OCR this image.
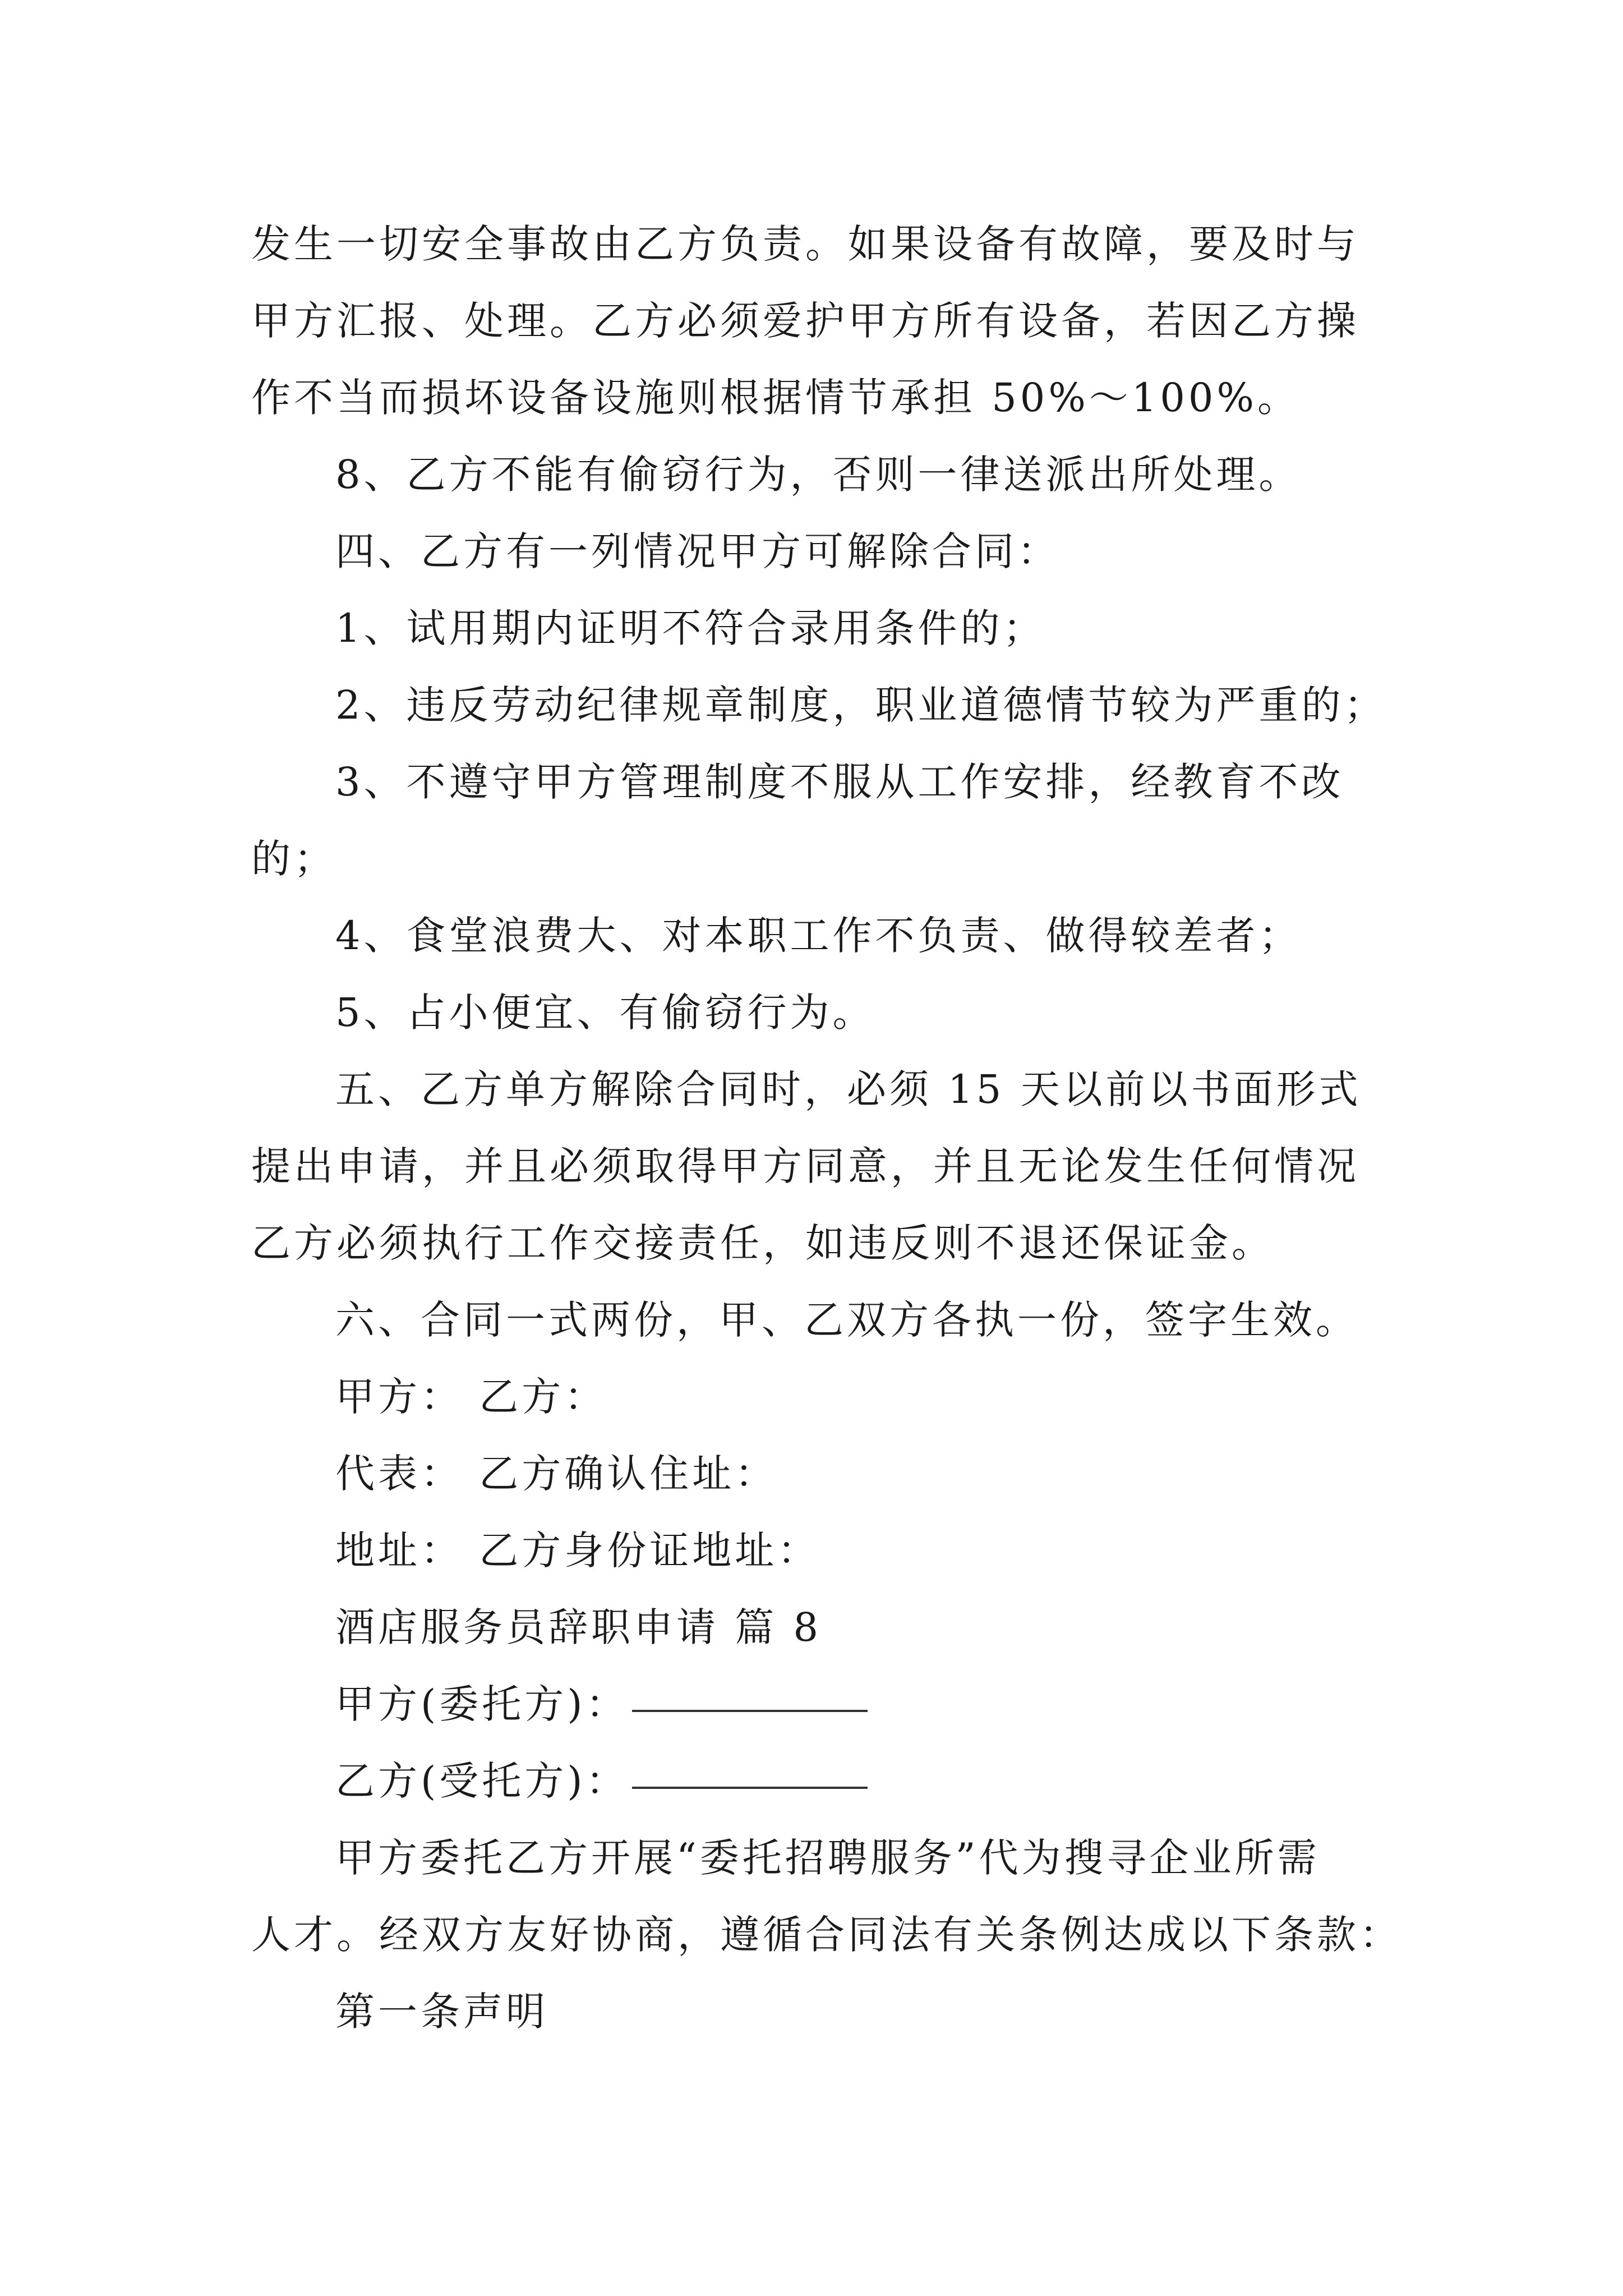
发生一切安全事故由乙方负责。如果设备有故障，要及时与
甲方汇报、处理。乙方必须爱护甲方所有设备，若因乙方操
作不当而损坏设备设施则根据情节承担 50%～100%。
8、乙方不能有偷窃行为，否则一律送派出所处理。
四、乙方有一列情况甲方可解除合同：
1、试用期内证明不符合录用条件的；
2、违反劳动纪律规章制度，职业道德情节较为严重的；
3、不遵守甲方管理制度不服从工作安排，经教育不改
的；
4、食堂浪费大、对本职工作不负责、做得较差者；
5、占小便宜、有偷窃行为。
五、乙方单方解除合同时，必须 15 天以前以书面形式
提出申请，并且必须取得甲方同意，并且无论发生任何情况
乙方必须执行工作交接责任，如违反则不退还保证金。
六、合同一式两份，甲、乙双方各执一份，签字生效。
甲方： 乙方：
代表： 乙方确认住址：
地址： 乙方身份证地址：
酒店服务员辞职申请 篇 8
甲方(委托方)：
乙方(受托方)：
甲方委托乙方开展“委托招聘服务”代为搜寻企业所需
人才。经双方友好协商，遵循合同法有关条例达成以下条款：
第一条声明
